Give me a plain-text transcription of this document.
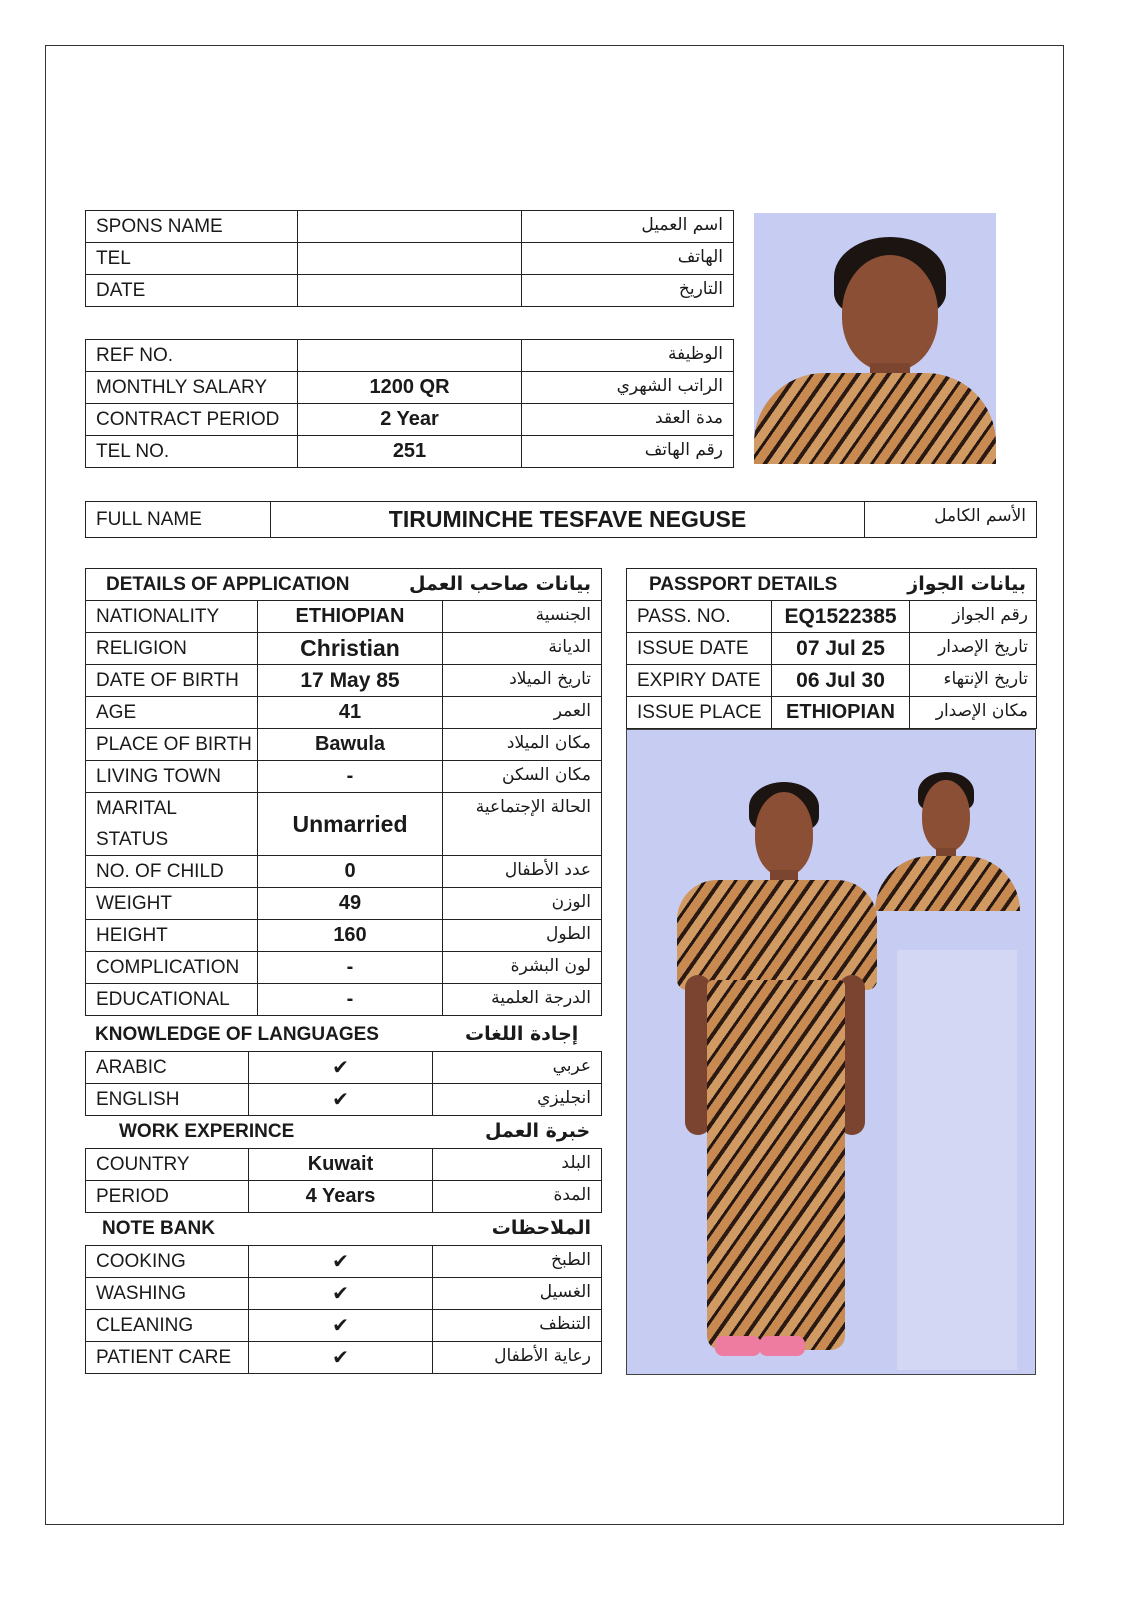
SPONS NAME		اسم العميل
TEL		الهاتف
DATE		التاريخ
REF NO.		الوظيفة
MONTHLY SALARY	1200 QR	الراتب الشهري
CONTRACT PERIOD	2 Year	مدة العقد
TEL NO.	251	رقم الهاتف
FULL NAME	TIRUMINCHE TESFAVE NEGUSE	الأسم الكامل
DETAILS OF APPLICATION		بيانات صاحب العمل
NATIONALITY	ETHIOPIAN	الجنسية
RELIGION	Christian	الديانة
DATE OF BIRTH	17 May 85	تاريخ الميلاد
AGE	41	العمر
PLACE OF BIRTH	Bawula	مكان الميلاد
LIVING TOWN	-	مكان السكن
MARITAL STATUS	Unmarried	الحالة الإجتماعية
NO. OF CHILD	0	عدد الأطفال
WEIGHT	49	الوزن
HEIGHT	160	الطول
COMPLICATION	-	لون البشرة
EDUCATIONAL	-	الدرجة العلمية
KNOWLEDGE OF LANGUAGES	إجادة اللغات
ARABIC	✔	عربي
ENGLISH	✔	انجليزي
WORK EXPERINCE	خبرة العمل
COUNTRY	Kuwait	البلد
PERIOD	4 Years	المدة
NOTE BANK	الملاحظات
COOKING	✔	الطبخ
WASHING	✔	الغسيل
CLEANING	✔	التنظف
PATIENT CARE	✔	رعاية الأطفال
PASSPORT DETAILS		بيانات الجواز
PASS. NO.	EQ1522385	رقم الجواز
ISSUE DATE	07 Jul 25	تاريخ الإصدار
EXPIRY DATE	06 Jul 30	تاريخ الإنتهاء
ISSUE PLACE	ETHIOPIAN	مكان الإصدار
